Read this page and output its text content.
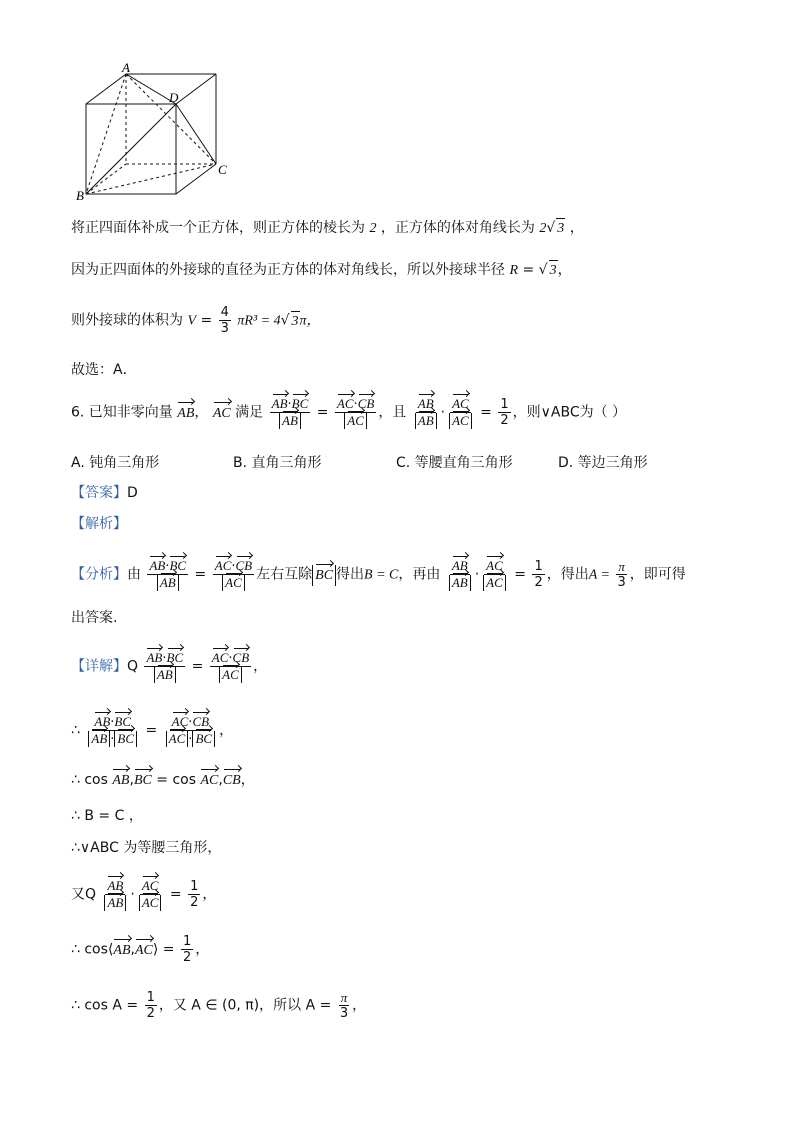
A
B
C
D
将正四面体补成一个正方体，则正方体的棱长为 2 ，正方体的体对角线长为 2√ 3 ，
因为正四面体的外接球的直径为正方体的体对角线长，所以外接球半径 R = √ 3，
则外接球的体积为 $V = \frac{4}{3} \pi R^3 = 4√$ 3π，
故选：A．
6. 已知非零向量 AB， AC 满足 $\frac{AB\cdot BC}{AB} = \frac{AC\cdot CB}{AC}$ ，且 $\frac{AB}{AB} \cdot \frac{AC}{AC} = \frac{1}{2}$ ，则∨ABC为（ ）
A. 钝角三角形	B. 直角三角形	C. 等腰直角三角形	D. 等边三角形
【答案】D
【解析】
【分析】由 $\frac{AB\cdot BC}{AB} = \frac{AC\cdot CB}{AC}$ 左右互除 BC 得出B = C，再由 $\frac{AB}{AB} \cdot \frac{AC}{AC} = \frac{1}{2}$ ，得出$A = \frac{\pi}{3}$ ，即可得
出答案.
【详解】Q $\frac{AB\cdot BC}{AB} = \frac{AC\cdot CB}{AC}$ ，
∴ $\frac{AB\cdot BC}{AB \cdot BC} = \frac{AC\cdot CB}{AC \cdot BC}$ ，
∴ cos AB,BC = cos AC,CB，
∴ B = C ，
∴∨ABC 为等腰三角形，
又Q $\frac{AB}{AB} \cdot \frac{AC}{AC} = \frac{1}{2}$ ，
∴ cos⟨AB,AC⟩ = $\frac{1}{2}$ ，
∴ $\cos A = \frac{1}{2}$ ，又 A ∈ (0, π)，所以 $A = \frac{\pi}{3}$ ，
